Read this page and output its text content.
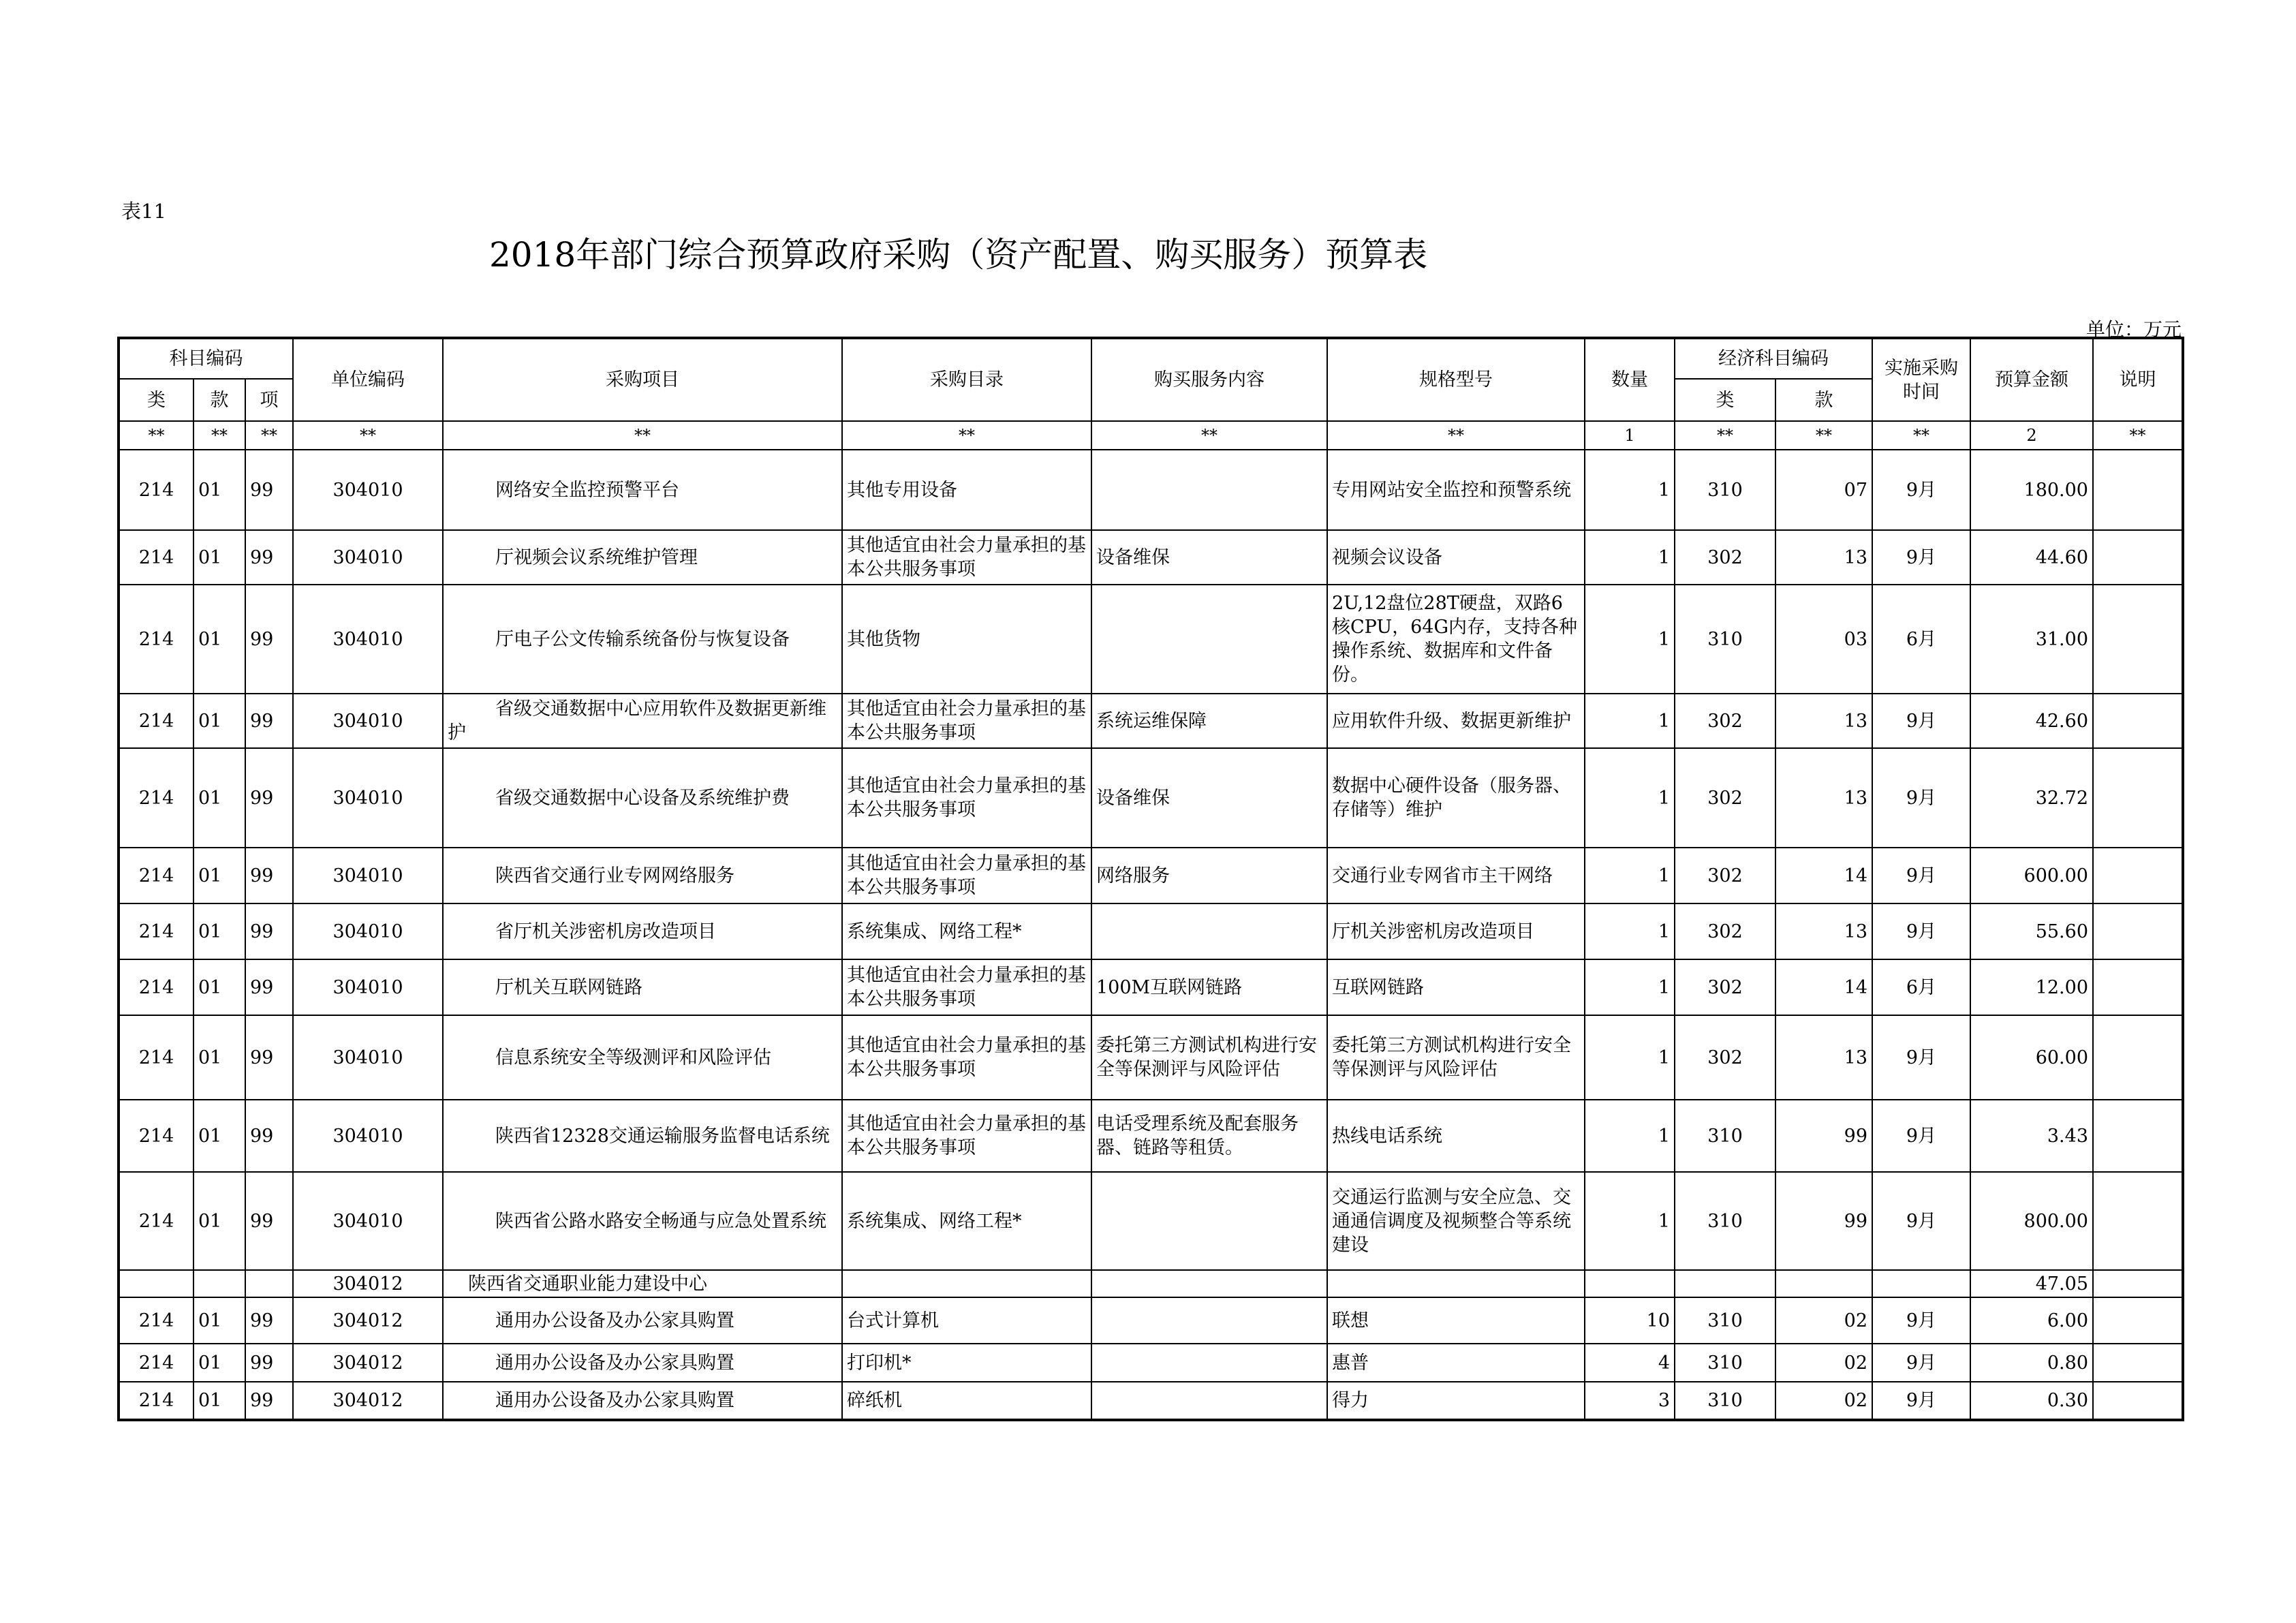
表11
2018年部门综合预算政府采购（资产配置、购买服务）预算表
单位：万元
科目编码			单位编码	采购项目	采购目录	购买服务内容	规格型号	数量	经济科目编码		实施采购时间	预算金额	说明
类	款	项							类	款			
**	**	**	**	**	**	**	**	1	**	**	**	2	**
214	01	99	304010	网络安全监控预警平台	其他专用设备		专用网站安全监控和预警系统	1	310	07	9月	180.00	
214	01	99	304010	厅视频会议系统维护管理	其他适宜由社会力量承担的基本公共服务事项	设备维保	视频会议设备	1	302	13	9月	44.60	
214	01	99	304010	厅电子公文传输系统备份与恢复设备	其他货物		2U,12盘位28T硬盘，双路6核CPU，64G内存，支持各种操作系统、数据库和文件备份。	1	310	03	6月	31.00	
214	01	99	304010	省级交通数据中心应用软件及数据更新维护	其他适宜由社会力量承担的基本公共服务事项	系统运维保障	应用软件升级、数据更新维护	1	302	13	9月	42.60	
214	01	99	304010	省级交通数据中心设备及系统维护费	其他适宜由社会力量承担的基本公共服务事项	设备维保	数据中心硬件设备（服务器、存储等）维护	1	302	13	9月	32.72	
214	01	99	304010	陕西省交通行业专网网络服务	其他适宜由社会力量承担的基本公共服务事项	网络服务	交通行业专网省市主干网络	1	302	14	9月	600.00	
214	01	99	304010	省厅机关涉密机房改造项目	系统集成、网络工程*		厅机关涉密机房改造项目	1	302	13	9月	55.60	
214	01	99	304010	厅机关互联网链路	其他适宜由社会力量承担的基本公共服务事项	100M互联网链路	互联网链路	1	302	14	6月	12.00	
214	01	99	304010	信息系统安全等级测评和风险评估	其他适宜由社会力量承担的基本公共服务事项	委托第三方测试机构进行安全等保测评与风险评估	委托第三方测试机构进行安全等保测评与风险评估	1	302	13	9月	60.00	
214	01	99	304010	陕西省12328交通运输服务监督电话系统	其他适宜由社会力量承担的基本公共服务事项	电话受理系统及配套服务器、链路等租赁。	热线电话系统	1	310	99	9月	3.43	
214	01	99	304010	陕西省公路水路安全畅通与应急处置系统	系统集成、网络工程*		交通运行监测与安全应急、交通通信调度及视频整合等系统建设	1	310	99	9月	800.00	
			304012	陕西省交通职业能力建设中心								47.05	
214	01	99	304012	通用办公设备及办公家具购置	台式计算机		联想	10	310	02	9月	6.00	
214	01	99	304012	通用办公设备及办公家具购置	打印机*		惠普	4	310	02	9月	0.80	
214	01	99	304012	通用办公设备及办公家具购置	碎纸机		得力	3	310	02	9月	0.30	
